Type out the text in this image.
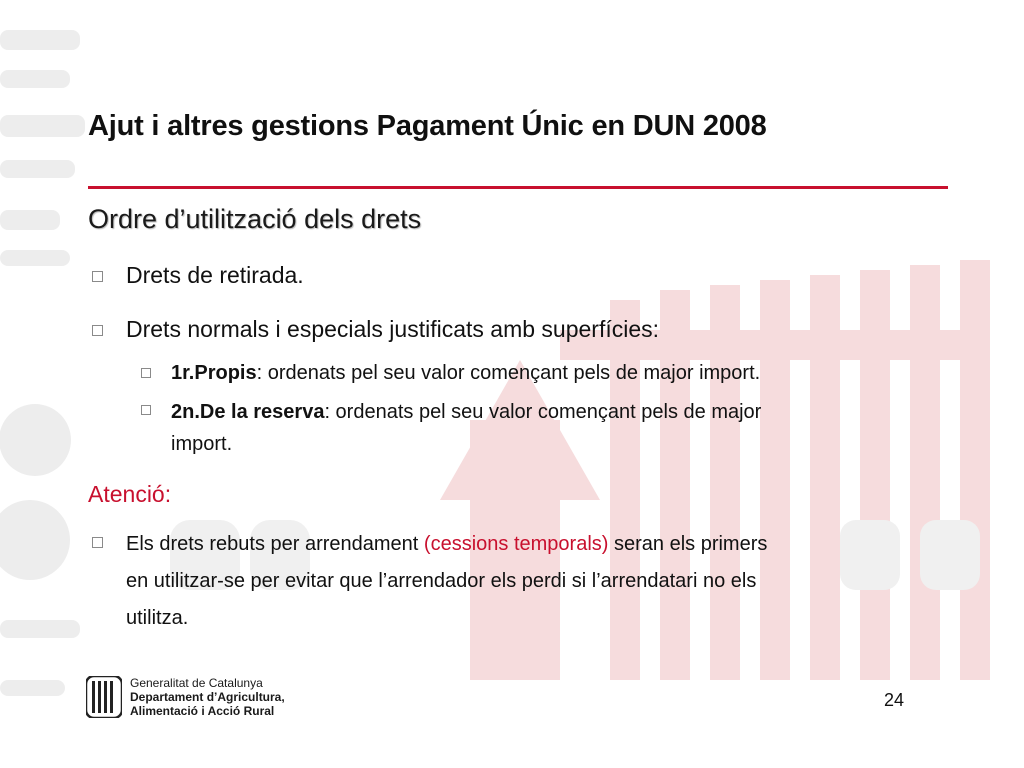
Ajut i altres gestions Pagament Únic en DUN 2008
Ordre d’utilització dels drets
Drets de retirada.
Drets normals i especials justificats amb superfícies:
1r.Propis: ordenats pel seu valor començant pels de major import.
2n.De la reserva: ordenats pel seu valor començant pels de major
import.
Atenció:
Els drets rebuts per arrendament (cessions temporals) seran els primers
en utilitzar-se per evitar que l’arrendador els perdi si l’arrendatari no els
utilitza.
Generalitat de Catalunya
Departament d’Agricultura,
Alimentació i Acció Rural
24
